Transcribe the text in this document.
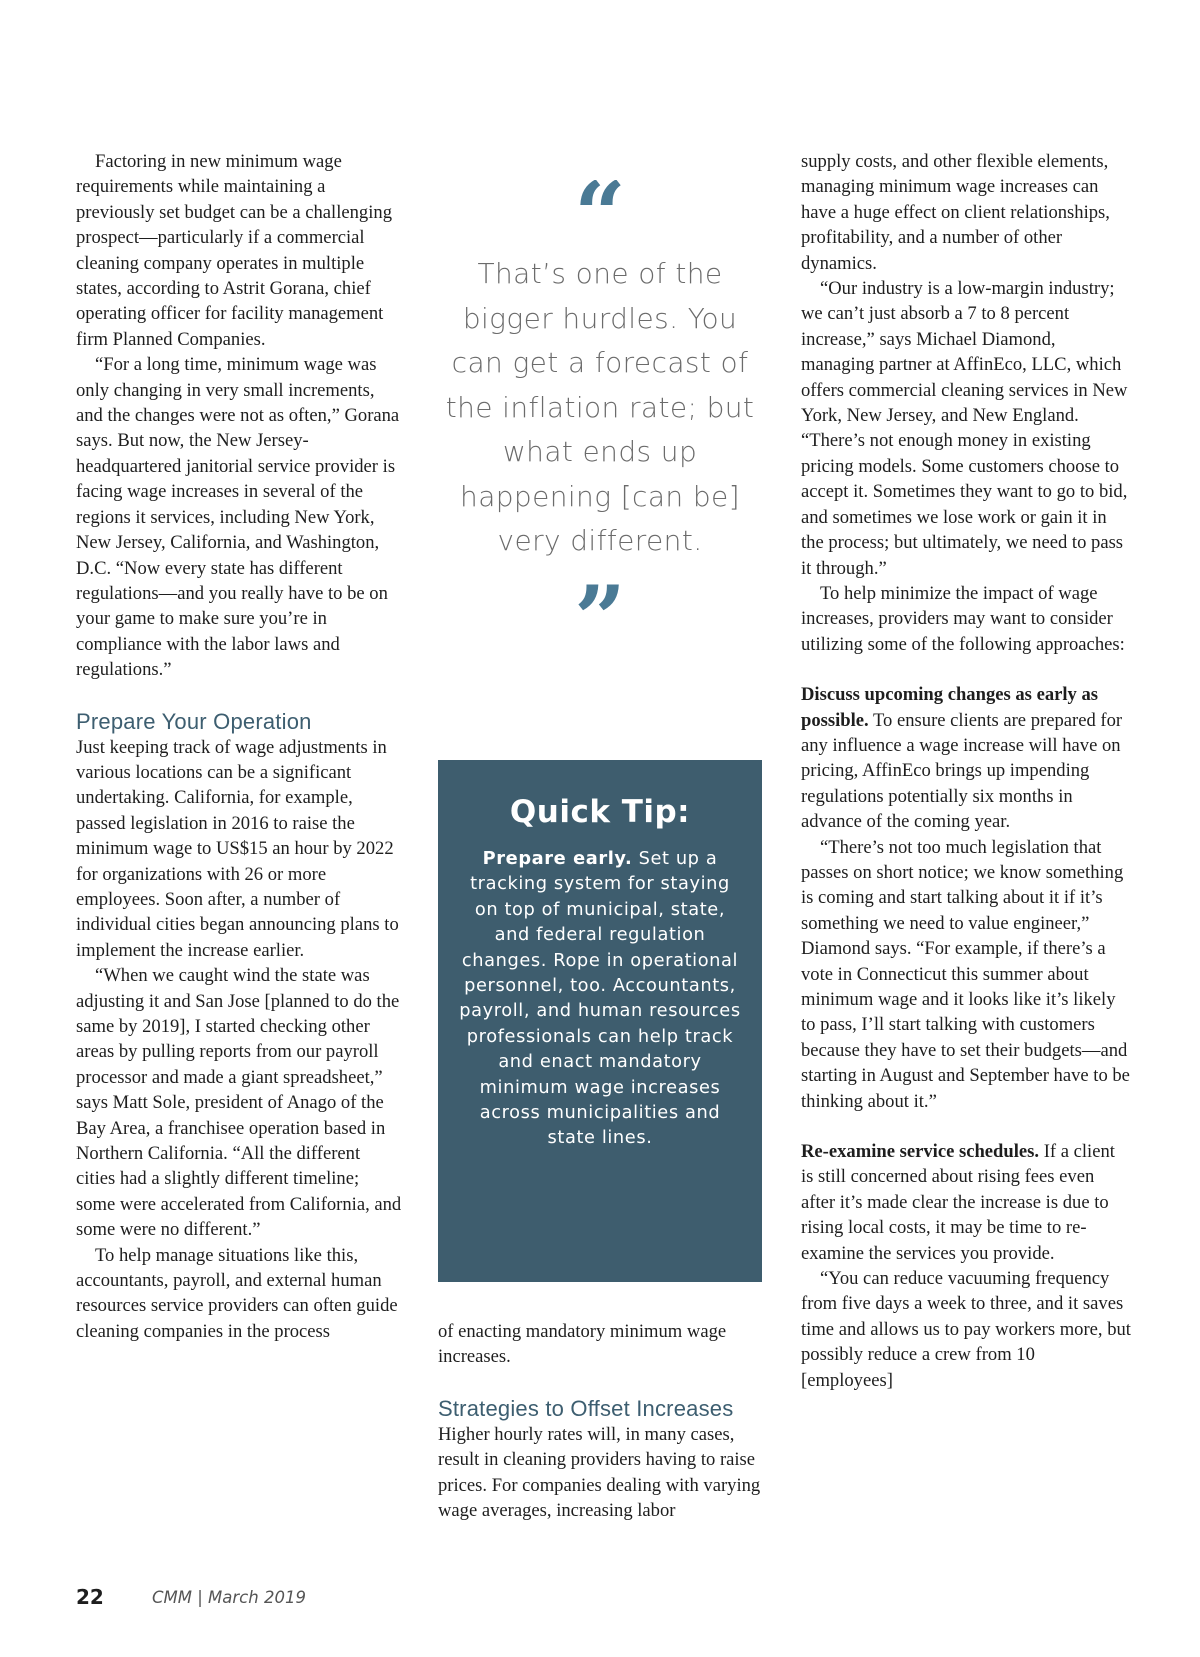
Factoring in new minimum wage requirements while maintaining a previously set budget can be a challenging prospect—particularly if a commercial cleaning company operates in multiple states, according to Astrit Gorana, chief operating officer for facility management firm Planned Companies.

“For a long time, minimum wage was only changing in very small increments, and the changes were not as often,” Gorana says. But now, the New Jersey-headquartered janitorial service provider is facing wage increases in several of the regions it services, including New York, New Jersey, California, and Washington, D.C. “Now every state has different regulations—and you really have to be on your game to make sure you’re in compliance with the labor laws and regulations.”

Prepare Your Operation

Just keeping track of wage adjustments in various locations can be a significant undertaking. California, for example, passed legislation in 2016 to raise the minimum wage to US$15 an hour by 2022 for organizations with 26 or more employees. Soon after, a number of individual cities began announcing plans to implement the increase earlier.

“When we caught wind the state was adjusting it and San Jose [planned to do the same by 2019], I started checking other areas by pulling reports from our payroll processor and made a giant spreadsheet,” says Matt Sole, president of Anago of the Bay Area, a franchisee operation based in Northern California. “All the different cities had a slightly different timeline; some were accelerated from California, and some were no different.”

To help manage situations like this, accountants, payroll, and external human resources service providers can often guide cleaning companies in the process

“

That’s one of the bigger hurdles. You can get a forecast of the inflation rate; but what ends up happening [can be] very different.

”
Quick Tip:

Prepare early. Set up a tracking system for staying on top of municipal, state, and federal regulation changes. Rope in operational personnel, too. Accountants, payroll, and human resources professionals can help track and enact mandatory minimum wage increases across municipalities and state lines.

of enacting mandatory minimum wage increases.

Strategies to Offset Increases

Higher hourly rates will, in many cases, result in cleaning providers having to raise prices. For companies dealing with varying wage averages, increasing labor

supply costs, and other flexible elements, managing minimum wage increases can have a huge effect on client relationships, profitability, and a number of other dynamics.

“Our industry is a low-margin industry; we can’t just absorb a 7 to 8 percent increase,” says Michael Diamond, managing partner at AffinEco, LLC, which offers commercial cleaning services in New York, New Jersey, and New England. “There’s not enough money in existing pricing models. Some customers choose to accept it. Sometimes they want to go to bid, and sometimes we lose work or gain it in the process; but ultimately, we need to pass it through.”

To help minimize the impact of wage increases, providers may want to consider utilizing some of the following approaches:

Discuss upcoming changes as early as possible. To ensure clients are prepared for any influence a wage increase will have on pricing, AffinEco brings up impending regulations potentially six months in advance of the coming year.

“There’s not too much legislation that passes on short notice; we know something is coming and start talking about it if it’s something we need to value engineer,” Diamond says. “For example, if there’s a vote in Connecticut this summer about minimum wage and it looks like it’s likely to pass, I’ll start talking with customers because they have to set their budgets—and starting in August and September have to be thinking about it.”

Re-examine service schedules. If a client is still concerned about rising fees even after it’s made clear the increase is due to rising local costs, it may be time to re-examine the services you provide.

“You can reduce vacuuming frequency from five days a week to three, and it saves time and allows us to pay workers more, but possibly reduce a crew from 10 [employees]

22	CMM | March 2019
